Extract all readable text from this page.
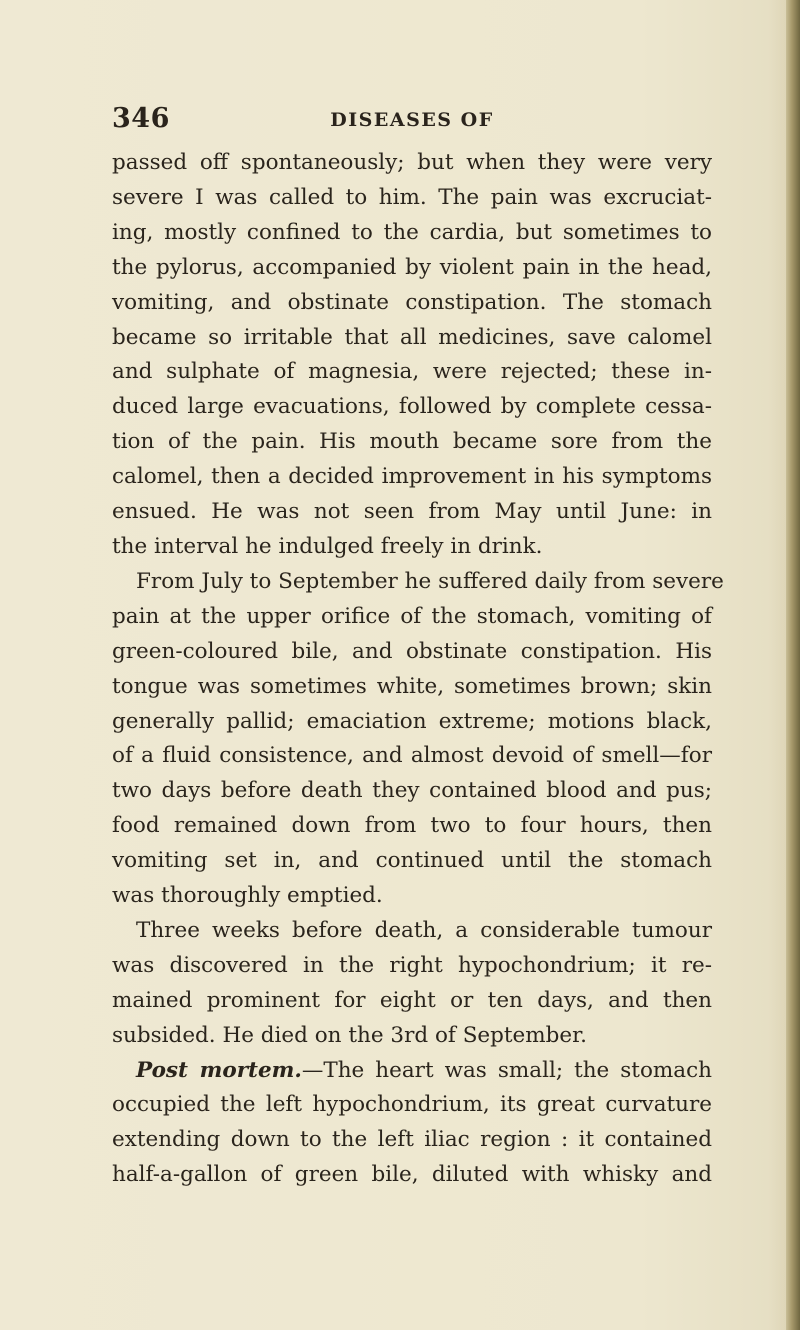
346	DISEASES OF
passed off spontaneously; but when they were very
severe I was called to him. The pain was excruciat-
ing, mostly confined to the cardia, but sometimes to
the pylorus, accompanied by violent pain in the head,
vomiting, and obstinate constipation. The stomach
became so irritable that all medicines, save calomel
and sulphate of magnesia, were rejected; these in-
duced large evacuations, followed by complete cessa-
tion of the pain. His mouth became sore from the
calomel, then a decided improvement in his symptoms
ensued. He was not seen from May until June: in
the interval he indulged freely in drink.
From July to September he suffered daily from severe
pain at the upper orifice of the stomach, vomiting of
green-coloured bile, and obstinate constipation. His
tongue was sometimes white, sometimes brown; skin
generally pallid; emaciation extreme; motions black,
of a fluid consistence, and almost devoid of smell—for
two days before death they contained blood and pus;
food remained down from two to four hours, then
vomiting set in, and continued until the stomach
was thoroughly emptied.
Three weeks before death, a considerable tumour
was discovered in the right hypochondrium; it re-
mained prominent for eight or ten days, and then
subsided. He died on the 3rd of September.
Post mortem.—The heart was small; the stomach
occupied the left hypochondrium, its great curvature
extending down to the left iliac region : it contained
half-a-gallon of green bile, diluted with whisky and
